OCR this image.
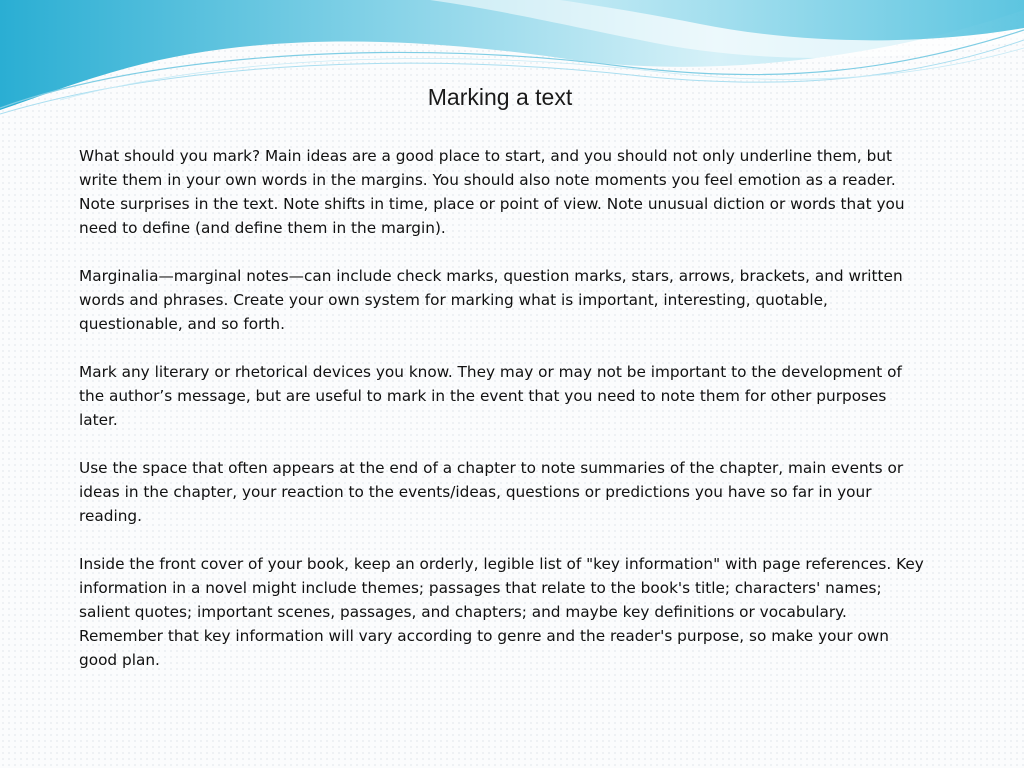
Marking a text

What should you mark? Main ideas are a good place to start, and you should not only underline them, but write them in your own words in the margins. You should also note moments you feel emotion as a reader. Note surprises in the text. Note shifts in time, place or point of view. Note unusual diction or words that you need to define (and define them in the margin).

Marginalia—marginal notes—can include check marks, question marks, stars, arrows, brackets, and written words and phrases. Create your own system for marking what is important, interesting, quotable, questionable, and so forth.

Mark any literary or rhetorical devices you know. They may or may not be important to the development of the author’s message, but are useful to mark in the event that you need to note them for other purposes later.

Use the space that often appears at the end of a chapter to note summaries of the chapter, main events or ideas in the chapter, your reaction to the events/ideas, questions or predictions you have so far in your reading.

Inside the front cover of your book, keep an orderly, legible list of "key information" with page references. Key information in a novel might include themes; passages that relate to the book's title; characters' names; salient quotes; important scenes, passages, and chapters; and maybe key definitions or vocabulary. Remember that key information will vary according to genre and the reader's purpose, so make your own good plan.
